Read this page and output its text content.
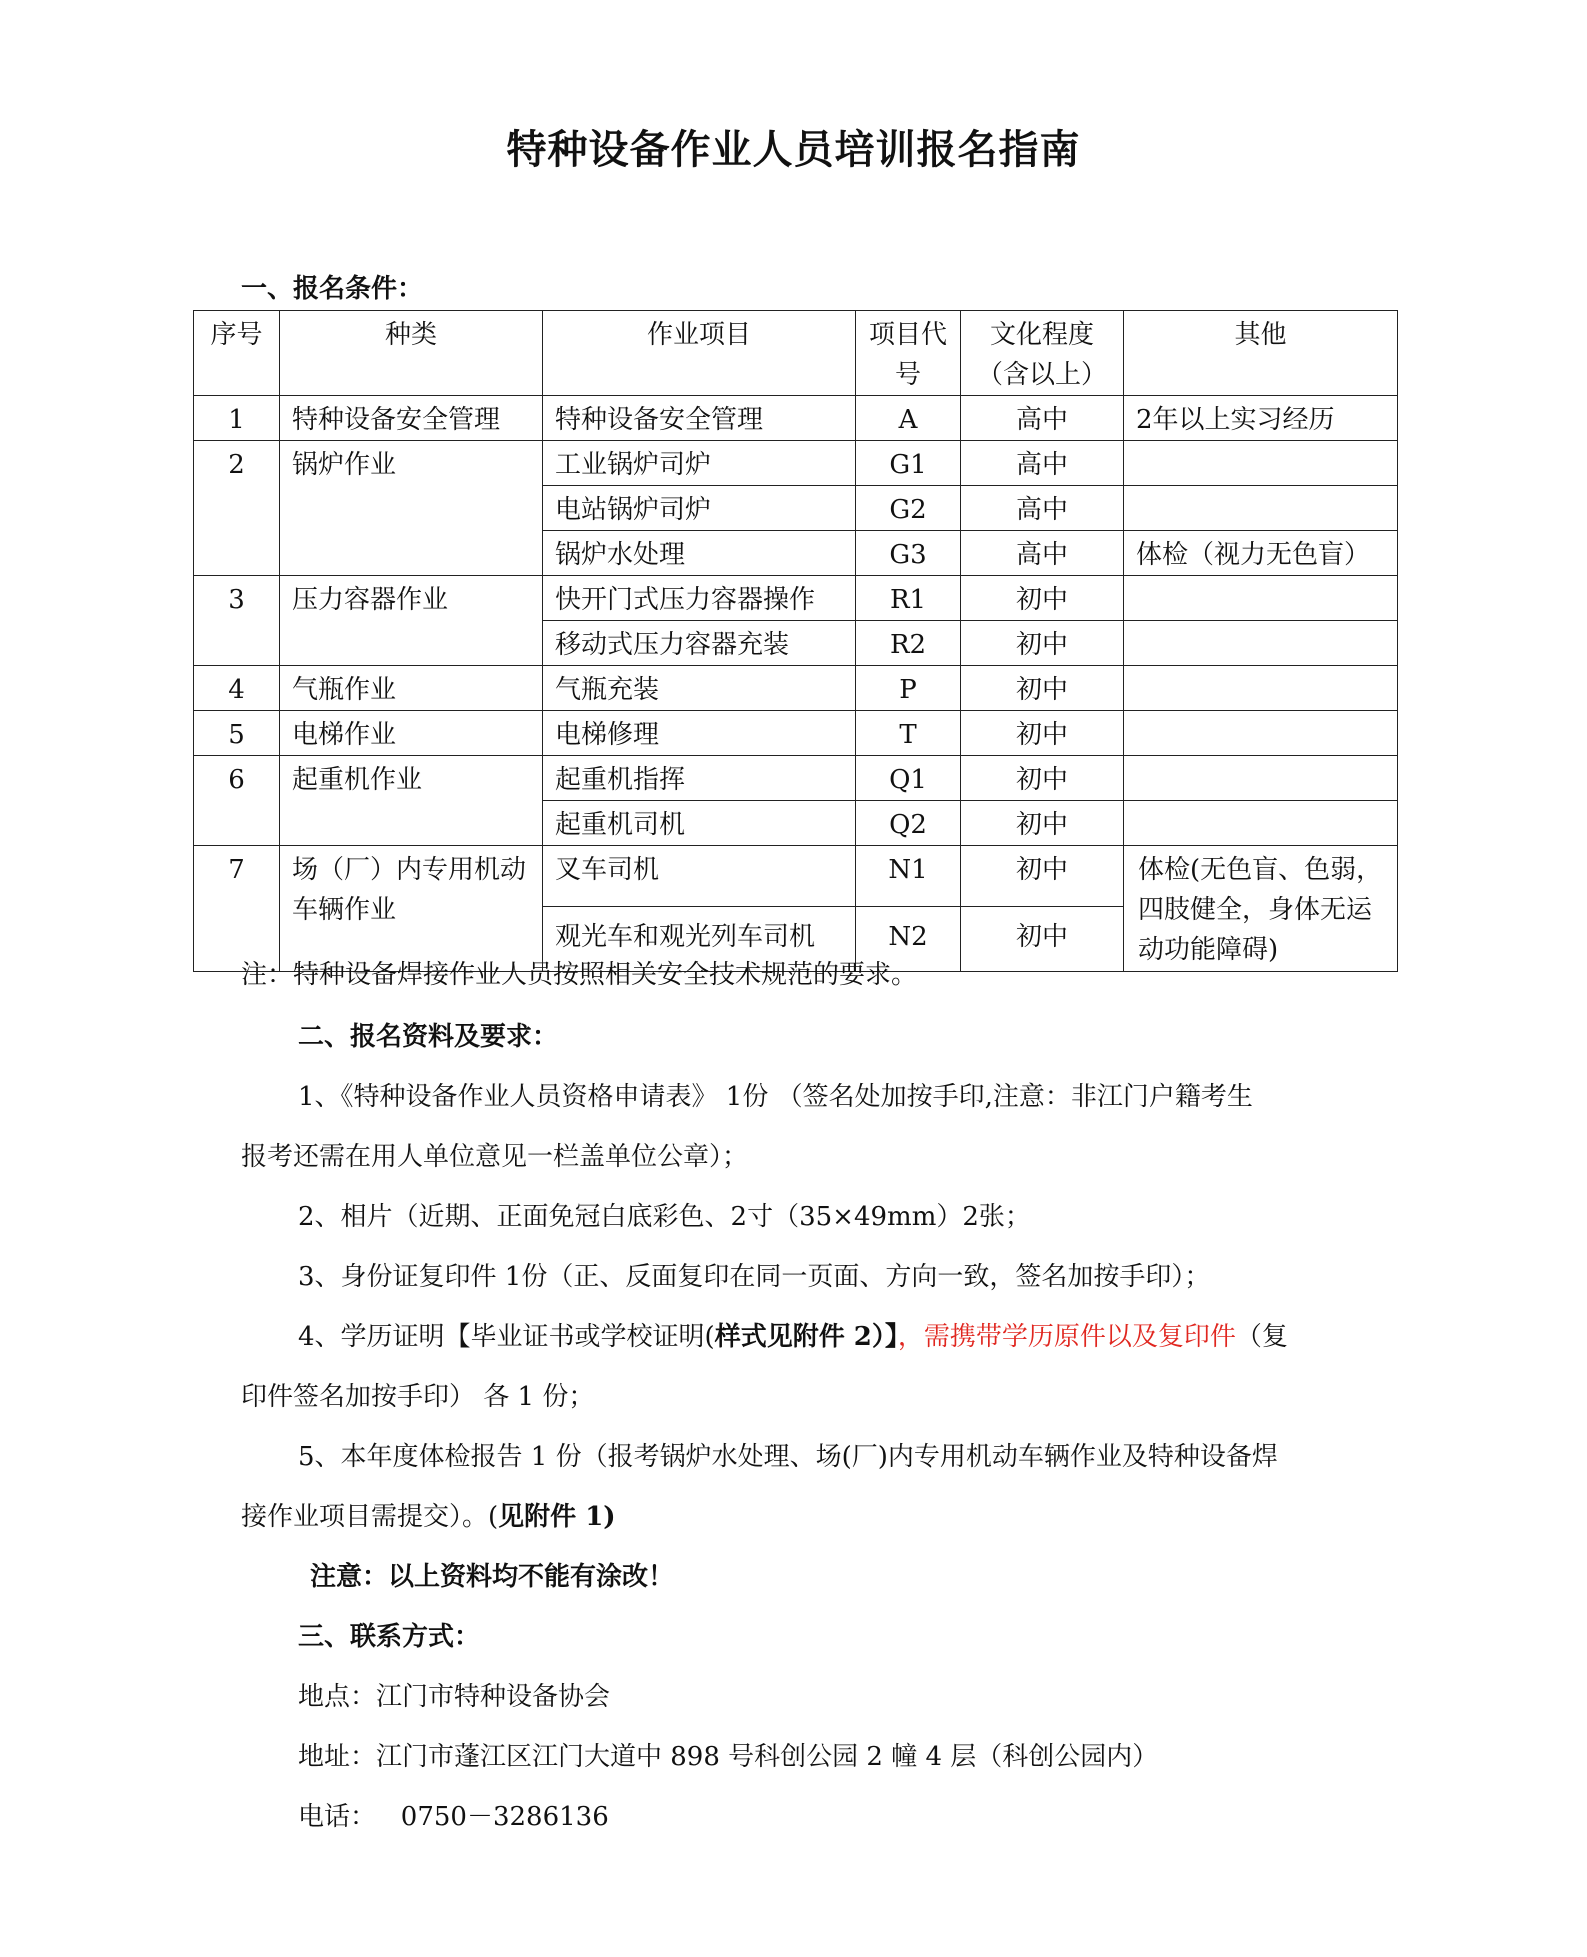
特种设备作业人员培训报名指南
一、报名条件：
序号	种类	作业项目	项目代号	文化程度（含以上）	其他
1	特种设备安全管理	特种设备安全管理	A	高中	2年以上实习经历
2	锅炉作业	工业锅炉司炉	G1	高中	
		电站锅炉司炉	G2	高中	
		锅炉水处理	G3	高中	体检（视力无色盲）
3	压力容器作业	快开门式压力容器操作	R1	初中	
		移动式压力容器充装	R2	初中	
4	气瓶作业	气瓶充装	P	初中	
5	电梯作业	电梯修理	T	初中	
6	起重机作业	起重机指挥	Q1	初中	
		起重机司机	Q2	初中	
7	场（厂）内专用机动车辆作业	叉车司机	N1	初中	体检(无色盲、色弱，四肢健全，身体无运动功能障碍)
		观光车和观光列车司机	N2	初中	
注：特种设备焊接作业人员按照相关安全技术规范的要求。
二、报名资料及要求：
1、《特种设备作业人员资格申请表》 1份 （签名处加按手印,注意：非江门户籍考生
报考还需在用人单位意见一栏盖单位公章）；
2、相片（近期、正面免冠白底彩色、2寸（35×49mm）2张；
3、身份证复印件 1份（正、反面复印在同一页面、方向一致，签名加按手印）；
4、学历证明【毕业证书或学校证明(样式见附件 2）】，需携带学历原件以及复印件（复
印件签名加按手印） 各 1 份；
5、本年度体检报告 1 份（报考锅炉水处理、场(厂)内专用机动车辆作业及特种设备焊
接作业项目需提交）。(见附件 1)
注意：以上资料均不能有涂改！
三、联系方式：
地点：江门市特种设备协会
地址：江门市蓬江区江门大道中 898 号科创公园 2 幢 4 层（科创公园内）
电话：   0750－3286136
